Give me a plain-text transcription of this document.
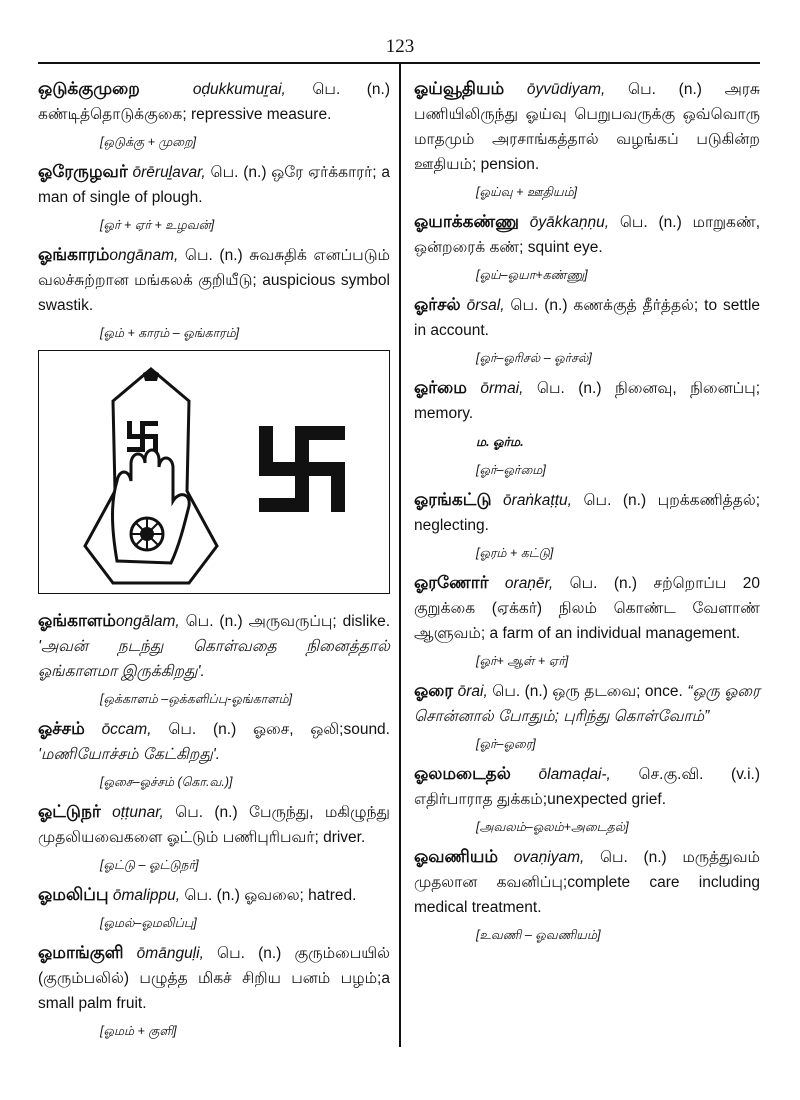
123

ஒடுக்குமுறை	oḍukkumuṟai, பெ. (n.) கண்டித்தொடுக்குகை; repressive measure.

[ஒடுக்கு + முறை]

ஓரேருழவர் ōrēruḻavar, பெ. (n.) ஒரே ஏர்க்காரர்; a man of single of plough.

[ஓர் + ஏர் + உழவன்]

ஓங்காரம்ongānam, பெ. (n.) சுவசுதிக் எனப்படும் வலச்சுற்றான மங்கலக் குறியீடு; auspicious symbol swastik.

[ஓம் + காரம் – ஓங்காரம்]

ஓங்காளம்ongālam, பெ. (n.) அருவருப்பு; dislike. 'அவன் நடந்து கொள்வதை நினைத்தால் ஓங்காளமா இருக்கிறது'.

[ஒக்காளம் –ஒக்களிப்பு-ஓங்காளம்]

ஓச்சம் ōccam, பெ. (n.) ஓசை, ஒலி;sound. 'மணியோச்சம் கேட்கிறது'.

[ஓசை–ஓச்சம் (கொ.வ.)]

ஓட்டுநர் oṭṭunar, பெ. (n.) பேருந்து, மகிழுந்து முதலியவைகளை ஓட்டும் பணிபுரிபவர்; driver.

[ஓட்டு – ஓட்டுநர்]

ஓமலிப்பு ōmalippu, பெ. (n.) ஓவலை; hatred.

[ஓமல்–ஓமலிப்பு]

ஓமாங்குளி ōmānguḷi, பெ. (n.) குரும்பையில் (குரும்பலில்) பழுத்த மிகச் சிறிய பனம் பழம்;a small palm fruit.

[ஓமம் + குளி]

ஓய்வூதியம் ōyvūdiyam, பெ. (n.) அரசு பணியிலிருந்து ஓய்வு பெறுபவருக்கு ஒவ்வொரு மாதமும் அரசாங்கத்தால் வழங்கப் படுகின்ற ஊதியம்; pension.

[ஓய்வு + ஊதியம்]

ஓயாக்கண்ணு ōyākkaṇṇu, பெ. (n.) மாறுகண், ஒன்றரைக் கண்; squint eye.

[ஓய்–ஓயா+கண்ணு]

ஓர்சல் ōrsal, பெ. (n.) கணக்குத் தீர்த்தல்; to settle in account.

[ஓர்–ஓரிசல் – ஓர்சல்]

ஓர்மை ōrmai, பெ. (n.) நினைவு, நினைப்பு; memory.

ம. ஓர்ம.
[ஓர்–ஓர்மை]

ஓரங்கட்டு ōraṅkaṭṭu, பெ. (n.) புறக்கணித்தல்; neglecting.

[ஓரம் + கட்டு]

ஓரணோர் oraṇēr, பெ. (n.) சற்றொப்ப 20 குறுக்கை (ஏக்கர்) நிலம் கொண்ட வேளாண் ஆளுவம்; a farm of an individual management.

[ஓர்+ ஆள் + ஏர்]

ஓரை ōrai, பெ. (n.) ஒரு தடவை; once. “ஒரு ஓரை சொன்னால் போதும்; புரிந்து கொள்வோம்”

[ஓர்–ஓரை]

ஓலமடைதல் ōlamaḍai-, செ.கு.வி. (v.i.) எதிர்பாராத துக்கம்;unexpected grief.

[அவலம்–ஓலம்+அடைதல்]

ஓவணியம் ovaṇiyam, பெ. (n.) மருத்துவம் முதலான கவனிப்பு;complete care including medical treatment.

[உவணி – ஓவணியம்]
